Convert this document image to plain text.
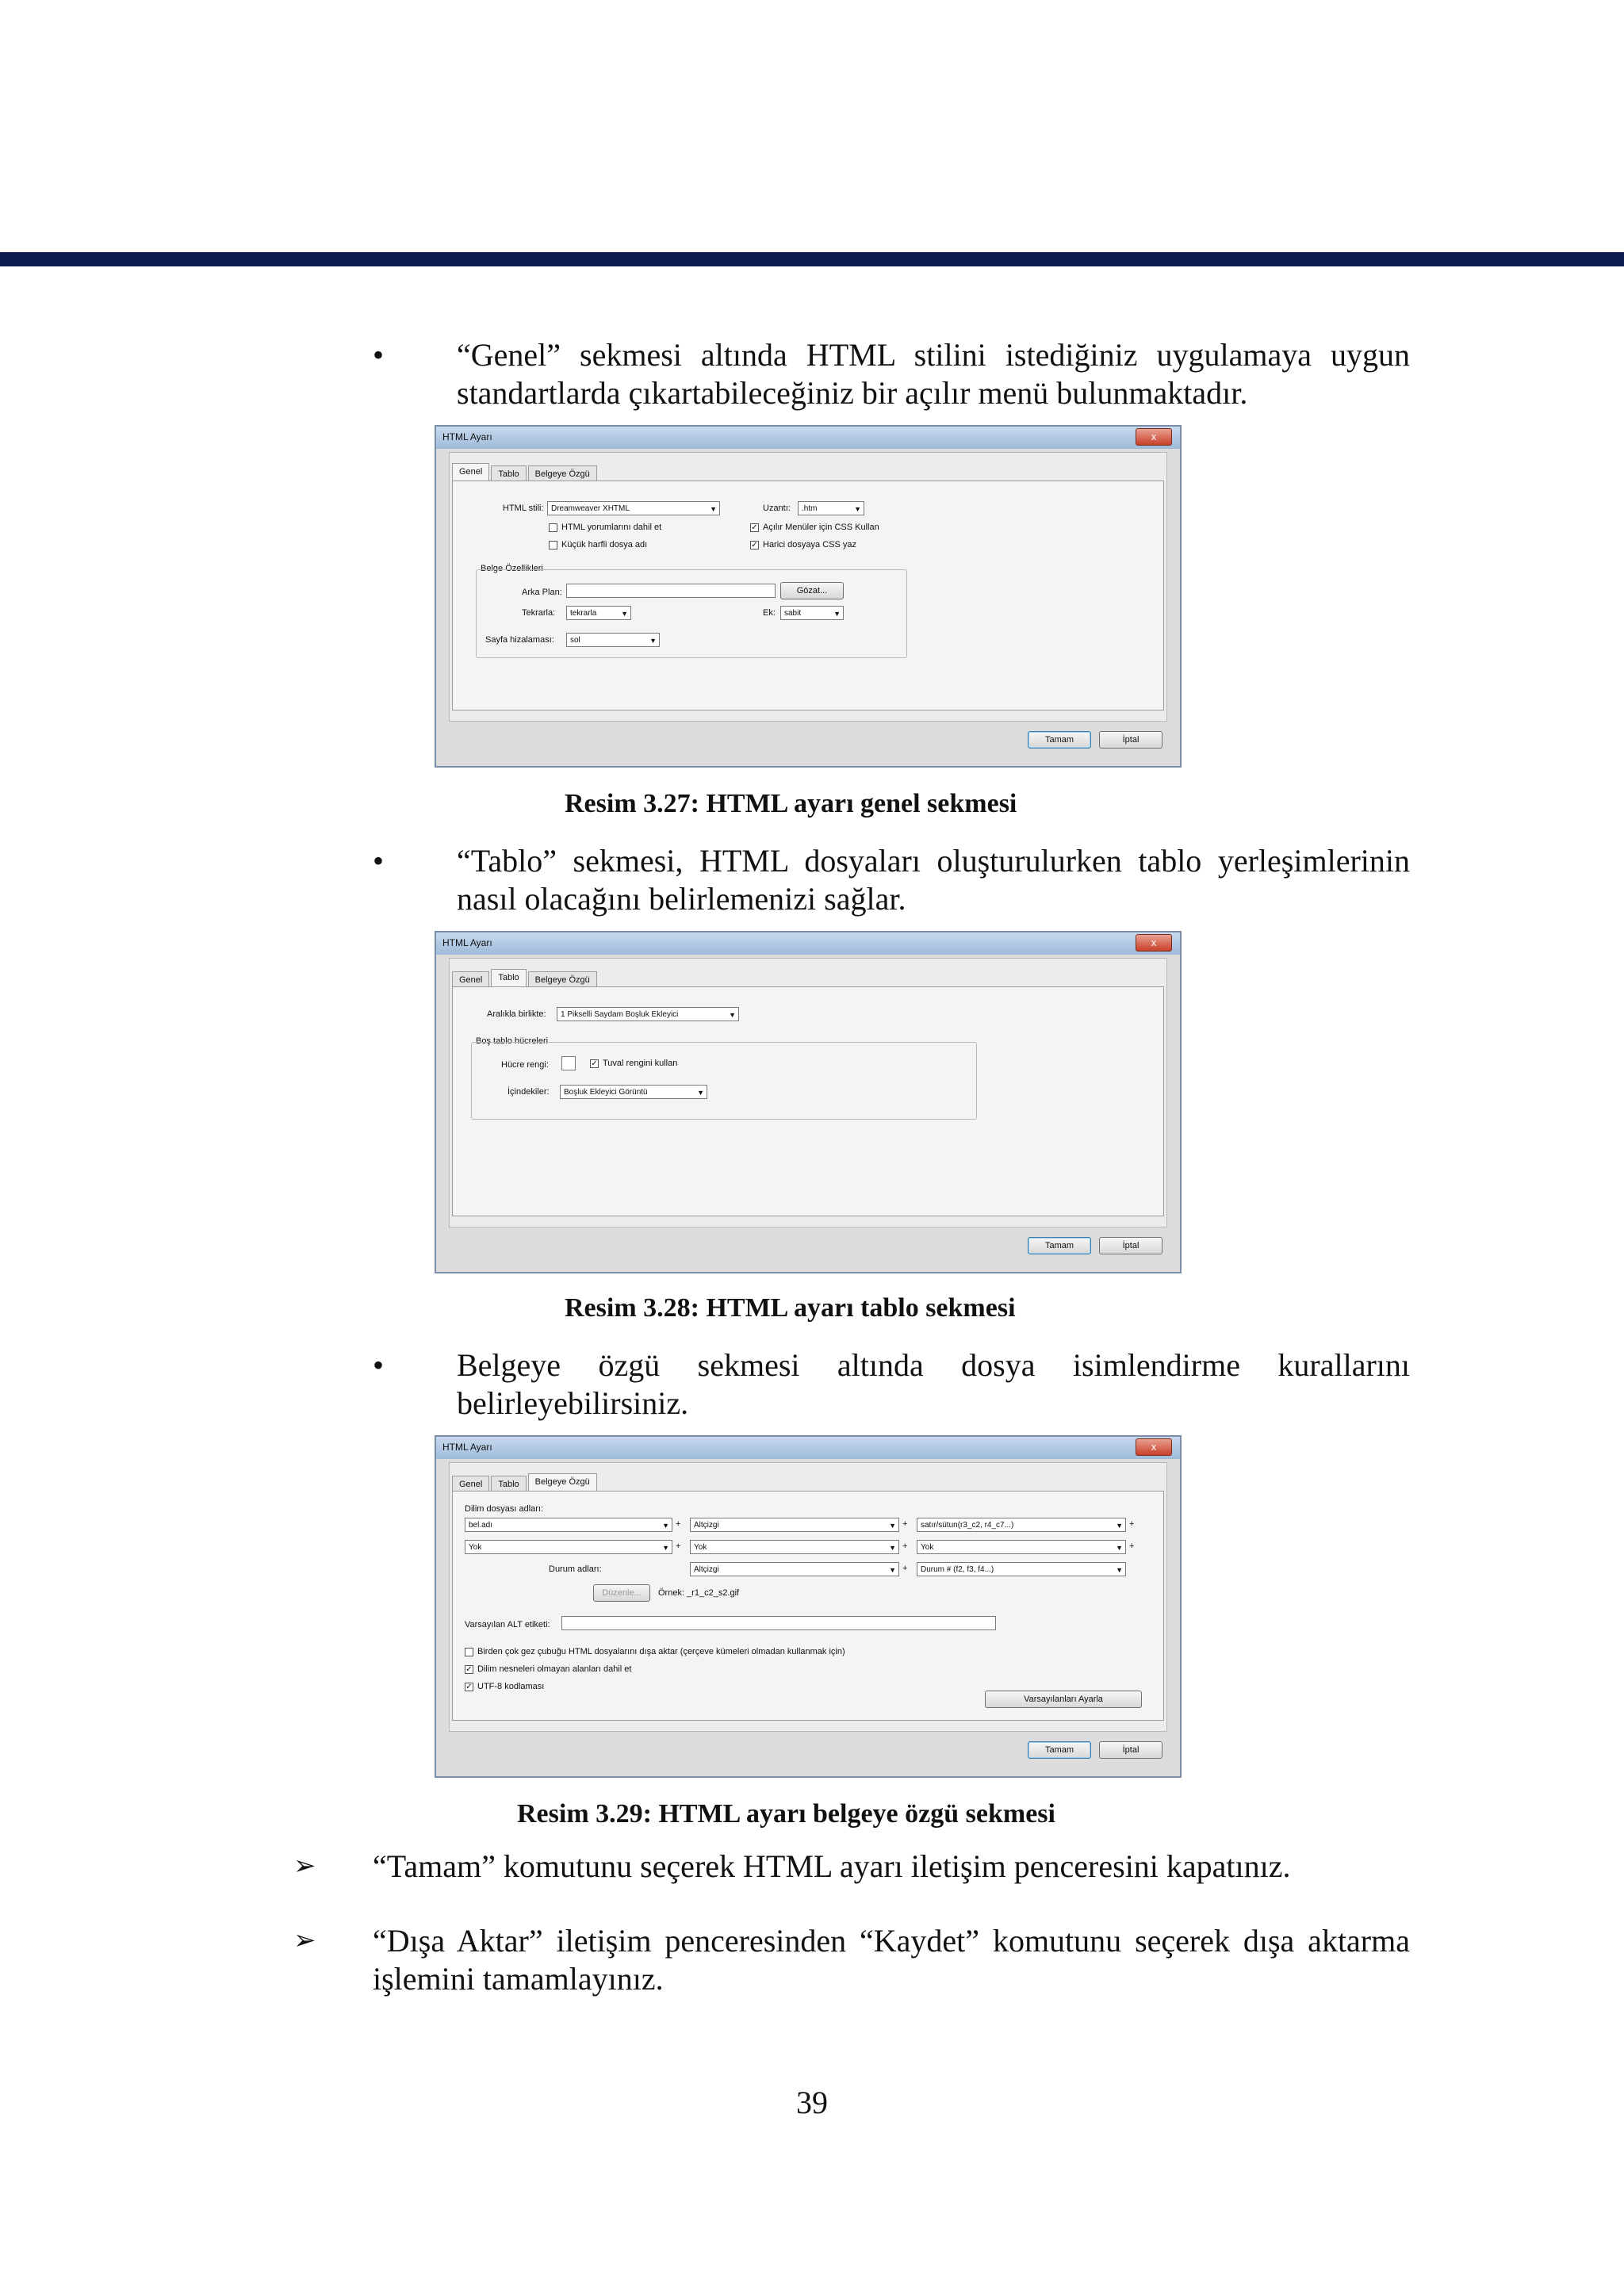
• “Genel” sekmesi altında HTML stilini istediğiniz uygulamaya uygun standartlarda çıkartabileceğiniz bir açılır menü bulunmaktadır.
HTML Ayarı	x
Genel Tablo Belgeye Özgü
HTML stili: Dreamweaver XHTML	▼	Uzantı:	.htm	▼
HTML yorumlarını dahil et
Küçük harfli dosya adı
✓ Açılır Menüler için CSS Kullan
✓ Harici dosyaya CSS yaz
Belge Özellikleri
Arka Plan:	Gözat...
Tekrarla:	tekrarla	▼	Ek:	sabit	▼
Sayfa hizalaması:	sol	▼
Tamam	İptal
Resim 3.27: HTML ayarı genel sekmesi
• “Tablo” sekmesi, HTML dosyaları oluşturulurken tablo yerleşimlerinin nasıl olacağını belirlemenizi sağlar.
HTML Ayarı	x
Genel Tablo Belgeye Özgü
Aralıkla birlikte:	1 Pikselli Saydam Boşluk Ekleyici	▼
Boş tablo hücreleri
Hücre rengi:	✓ Tuval rengini kullan
İçindekiler:	Boşluk Ekleyici Görüntü	▼
Tamam	İptal
Resim 3.28: HTML ayarı tablo sekmesi
• Belgeye özgü sekmesi altında dosya isimlendirme kurallarını belirleyebilirsiniz.
HTML Ayarı	x
Genel Tablo Belgeye Özgü
Dilim dosyası adları:
bel.adı	▼ +	Altçizgi	▼ +	satır/sütun(r3_c2, r4_c7...)	▼ +
Yok	▼ +	Yok	▼ +	Yok	▼ +
Durum adları:	Altçizgi	▼ +	Durum # (f2, f3, f4...)	▼
Düzenle...	Örnek: _r1_c2_s2.gif
Varsayılan ALT etiketi:
Birden çok gez çubuğu HTML dosyalarını dışa aktar (çerçeve kümeleri olmadan kullanmak için)
✓ Dilim nesneleri olmayan alanları dahil et
✓ UTF-8 kodlaması
Varsayılanları Ayarla
Tamam	İptal
Resim 3.29: HTML ayarı belgeye özgü sekmesi
➢ “Tamam” komutunu seçerek HTML ayarı iletişim penceresini kapatınız.
➢ “Dışa Aktar” iletişim penceresinden “Kaydet” komutunu seçerek dışa aktarma işlemini tamamlayınız.
39
